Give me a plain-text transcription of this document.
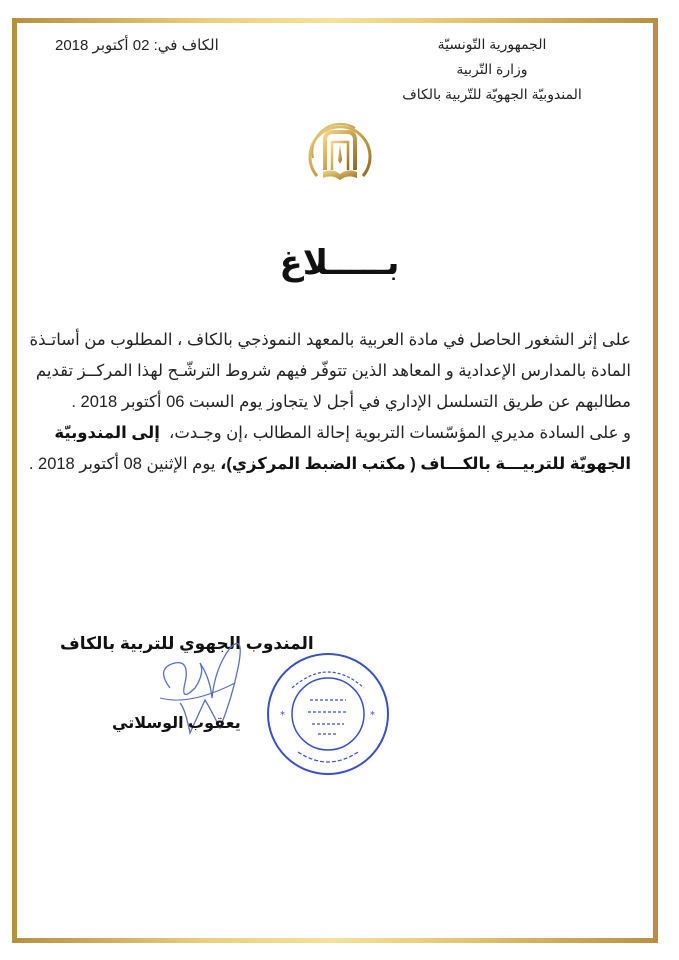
الجمهورية التّونسيّة
وزارة التّربية
المندوبيّة الجهويّة للتّربية بالكاف
الكاف في: 02 أكتوبر 2018
بـــــلاغ
على إثر الشغور الحاصل في مادة العربية بالمعهد النموذجي بالكاف ، المطلوب من أساتـذة
المادة بالمدارس الإعدادية و المعاهد الذين تتوفّر فيهم شروط الترشّـح لهذا المركــز تقديم
مطالبهم عن طريق التسلسل الإداري في أجل لا يتجاوز يوم السبت 06 أكتوبر 2018 .
و على السادة مديري المؤسّسات التربوية إحالة المطالب ،إن وجـدت،  إلى المندوبيّة
الجهويّة للتربيـــة بالكـــاف ( مكتب الضبط المركزي)، يوم الإثنين 08 أكتوبر 2018 .
المندوب الجهوي للتربية بالكاف
*	*
يعقوب الوسلاتي
